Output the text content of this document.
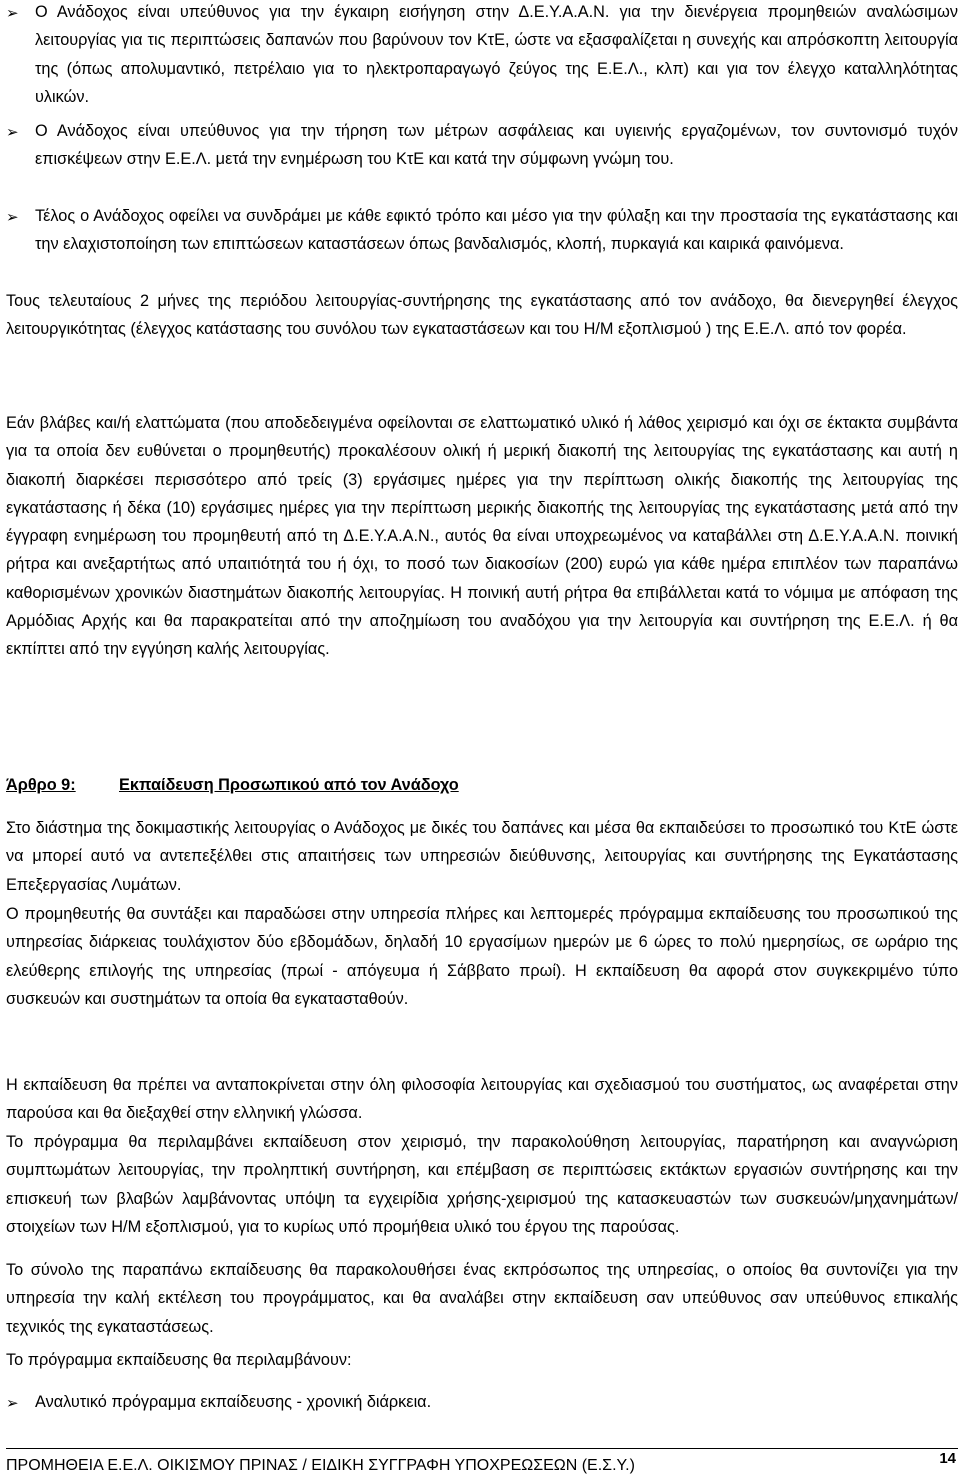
➢	Ο Ανάδοχος είναι υπεύθυνος για την έγκαιρη εισήγηση στην Δ.Ε.Υ.Α.Α.Ν. για την διενέργεια προμηθειών αναλώσιμων λειτουργίας για τις περιπτώσεις δαπανών που βαρύνουν τον ΚτΕ, ώστε να εξασφαλίζεται η συνεχής και απρόσκοπτη λειτουργία της (όπως απολυμαντικό, πετρέλαιο για το ηλεκτροπαραγωγό ζεύγος της Ε.Ε.Λ., κλπ) και για τον έλεγχο καταλληλότητας υλικών.
➢	Ο Ανάδοχος είναι υπεύθυνος για την τήρηση των μέτρων ασφάλειας και υγιεινής εργαζομένων, τον συντονισμό τυχόν επισκέψεων στην Ε.Ε.Λ. μετά την ενημέρωση του ΚτΕ και κατά την σύμφωνη γνώμη του.
➢	Τέλος ο Ανάδοχος οφείλει να συνδράμει με κάθε εφικτό τρόπο και μέσο για την φύλαξη και την προστασία της εγκατάστασης και την ελαχιστοποίηση των επιπτώσεων καταστάσεων όπως βανδαλισμός, κλοπή, πυρκαγιά και καιρικά φαινόμενα.
Τους τελευταίους 2 μήνες της περιόδου λειτουργίας-συντήρησης της εγκατάστασης από τον ανάδοχο, θα διενεργηθεί έλεγχος λειτουργικότητας (έλεγχος κατάστασης του συνόλου των εγκαταστάσεων και του Η/Μ εξοπλισμού ) της Ε.Ε.Λ. από τον φορέα.
Εάν βλάβες και/ή ελαττώματα (που αποδεδειγμένα οφείλονται σε ελαττωματικό υλικό ή λάθος χειρισμό και όχι σε έκτακτα συμβάντα για τα οποία δεν ευθύνεται ο προμηθευτής) προκαλέσουν ολική ή μερική διακοπή της λειτουργίας της εγκατάστασης και αυτή η διακοπή διαρκέσει περισσότερο από τρείς (3) εργάσιμες ημέρες για την περίπτωση ολικής διακοπής της λειτουργίας της εγκατάστασης ή δέκα (10) εργάσιμες ημέρες για την περίπτωση μερικής διακοπής της λειτουργίας της εγκατάστασης μετά από την έγγραφη ενημέρωση του προμηθευτή από τη Δ.Ε.Υ.Α.Α.Ν., αυτός θα είναι υποχρεωμένος να καταβάλλει στη Δ.Ε.Υ.Α.Α.Ν. ποινική ρήτρα και ανεξαρτήτως από υπαιτιότητά του ή όχι, το ποσό των διακοσίων (200) ευρώ για κάθε ημέρα επιπλέον των παραπάνω καθορισμένων χρονικών διαστημάτων διακοπής λειτουργίας. Η ποινική αυτή ρήτρα θα επιβάλλεται κατά το νόμιμα με απόφαση της Αρμόδιας Αρχής και θα παρακρατείται από την αποζημίωση του αναδόχου για την λειτουργία και συντήρηση της Ε.Ε.Λ. ή θα εκπίπτει από την εγγύηση καλής λειτουργίας.
Άρθρο 9:	Εκπαίδευση Προσωπικού από τον Ανάδοχο
Στο διάστημα της δοκιμαστικής λειτουργίας ο Ανάδοχος με δικές του δαπάνες και μέσα θα εκπαιδεύσει το προσωπικό του ΚτΕ ώστε να μπορεί αυτό να αντεπεξέλθει στις απαιτήσεις των υπηρεσιών διεύθυνσης, λειτουργίας και συντήρησης της Εγκατάστασης Επεξεργασίας Λυμάτων.
Ο προμηθευτής θα συντάξει και παραδώσει στην υπηρεσία πλήρες και λεπτομερές πρόγραμμα εκπαίδευσης του προσωπικού της υπηρεσίας διάρκειας τουλάχιστον δύο εβδομάδων, δηλαδή 10 εργασίμων ημερών με 6 ώρες το πολύ ημερησίως, σε ωράριο της ελεύθερης επιλογής της υπηρεσίας (πρωί - απόγευμα ή Σάββατο πρωί). Η εκπαίδευση θα αφορά στον συγκεκριμένο τύπο συσκευών και συστημάτων τα οποία θα εγκατασταθούν.
Η εκπαίδευση θα πρέπει να ανταποκρίνεται στην όλη φιλοσοφία λειτουργίας και σχεδιασμού του συστήματος, ως αναφέρεται στην παρούσα και θα διεξαχθεί στην ελληνική γλώσσα.
Το πρόγραμμα θα περιλαμβάνει εκπαίδευση στον χειρισμό, την παρακολούθηση λειτουργίας, παρατήρηση και αναγνώριση συμπτωμάτων λειτουργίας, την προληπτική συντήρηση, και επέμβαση σε περιπτώσεις εκτάκτων εργασιών συντήρησης και την επισκευή των βλαβών λαμβάνοντας υπόψη τα εγχειρίδια χρήσης-χειρισμού της κατασκευαστών των συσκευών/μηχανημάτων/στοιχείων των Η/Μ εξοπλισμού, για το κυρίως υπό προμήθεια υλικό του έργου της παρούσας.
Το σύνολο της παραπάνω εκπαίδευσης θα παρακολουθήσει ένας εκπρόσωπος της υπηρεσίας, ο οποίος θα συντονίζει για την υπηρεσία την καλή εκτέλεση του προγράμματος, και θα αναλάβει στην εκπαίδευση σαν υπεύθυνος σαν υπεύθυνος επικαλής τεχνικός της εγκαταστάσεως.
Το πρόγραμμα εκπαίδευσης θα περιλαμβάνουν:
➢	Αναλυτικό πρόγραμμα εκπαίδευσης - χρονική διάρκεια.
ΠΡΟΜΗΘΕΙΑ Ε.Ε.Λ. ΟΙΚΙΣΜΟΥ ΠΡΙΝΑΣ / ΕΙΔΙΚΗ ΣΥΓΓΡΑΦΗ ΥΠΟΧΡΕΩΣΕΩΝ (Ε.Σ.Υ.)	14
